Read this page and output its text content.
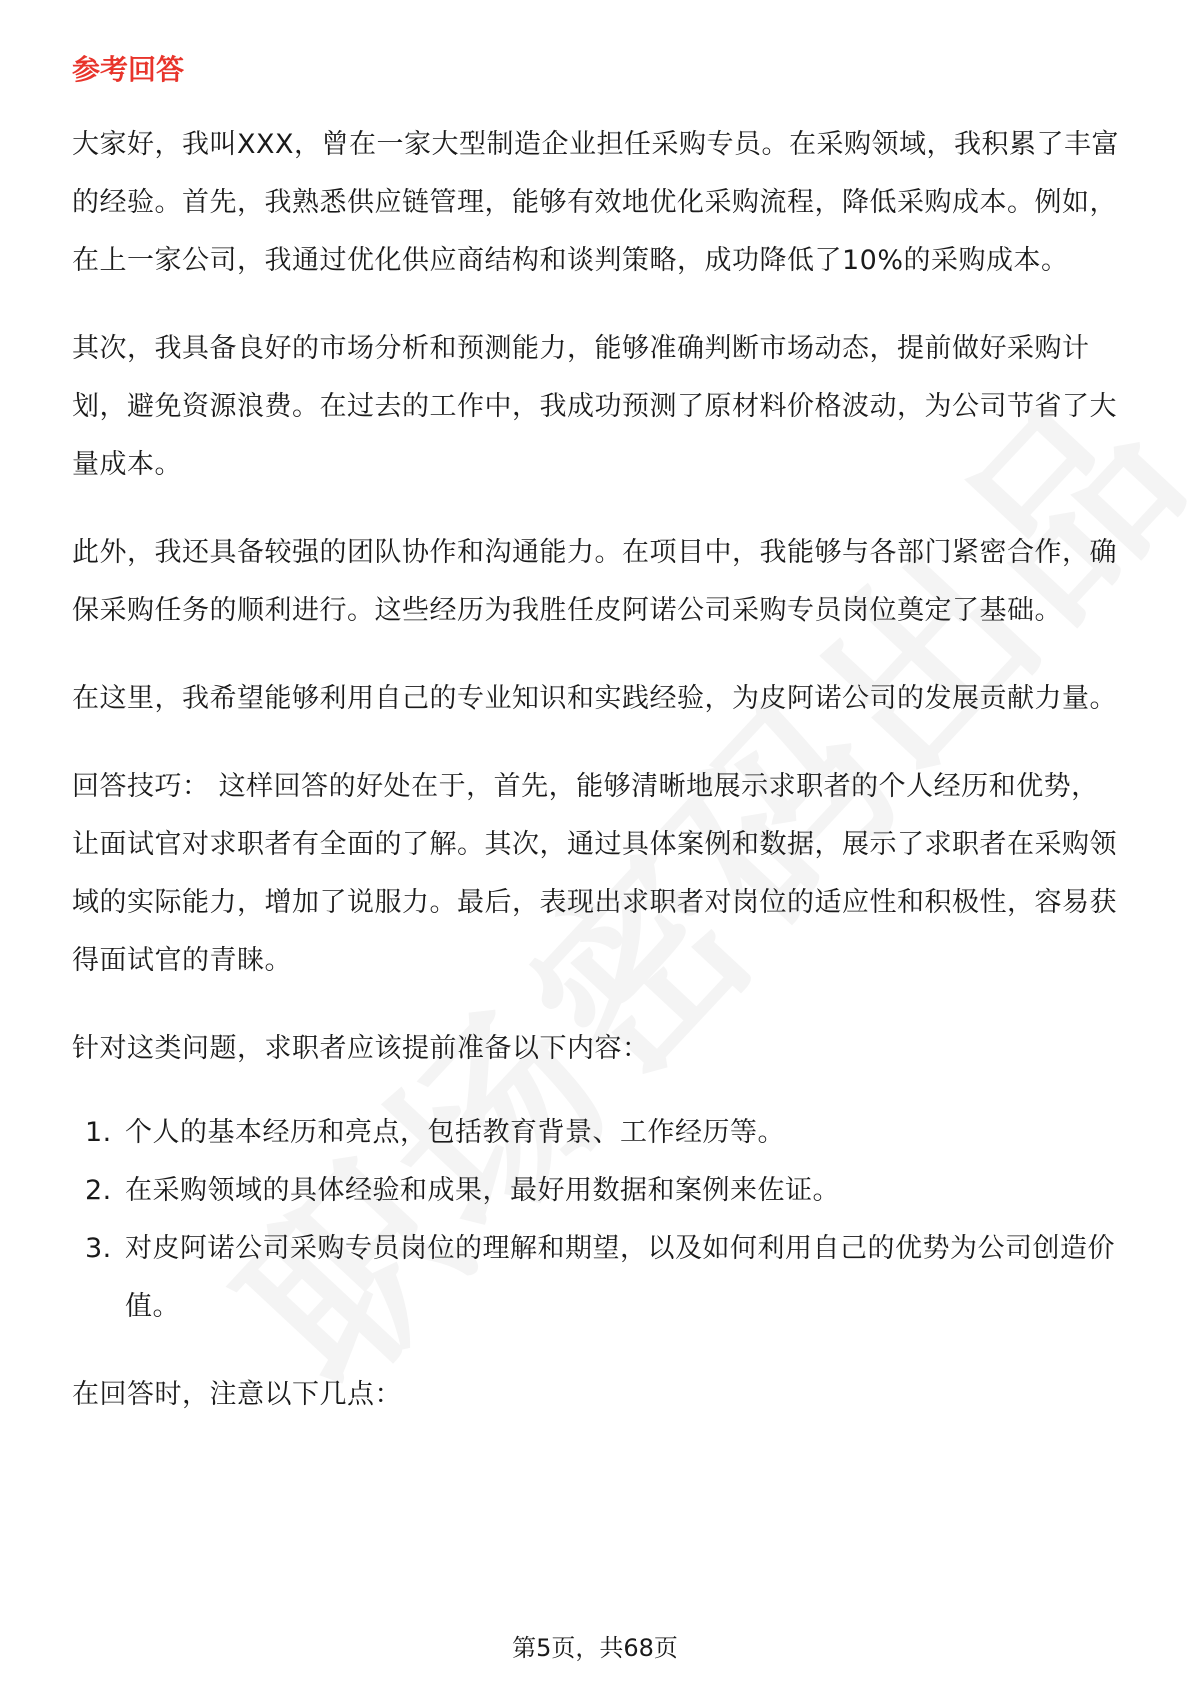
参考回答

大家好，我叫XXX，曾在一家大型制造企业担任采购专员。在采购领域，我积累了丰富的经验。首先，我熟悉供应链管理，能够有效地优化采购流程，降低采购成本。例如，在上一家公司，我通过优化供应商结构和谈判策略，成功降低了10%的采购成本。

其次，我具备良好的市场分析和预测能力，能够准确判断市场动态，提前做好采购计划，避免资源浪费。在过去的工作中，我成功预测了原材料价格波动，为公司节省了大量成本。

此外，我还具备较强的团队协作和沟通能力。在项目中，我能够与各部门紧密合作，确保采购任务的顺利进行。这些经历为我胜任皮阿诺公司采购专员岗位奠定了基础。

在这里，我希望能够利用自己的专业知识和实践经验，为皮阿诺公司的发展贡献力量。

回答技巧： 这样回答的好处在于，首先，能够清晰地展示求职者的个人经历和优势，让面试官对求职者有全面的了解。其次，通过具体案例和数据，展示了求职者在采购领域的实际能力，增加了说服力。最后，表现出求职者对岗位的适应性和积极性，容易获得面试官的青睐。

针对这类问题，求职者应该提前准备以下内容：

1. 个人的基本经历和亮点，包括教育背景、工作经历等。
2. 在采购领域的具体经验和成果，最好用数据和案例来佐证。
3. 对皮阿诺公司采购专员岗位的理解和期望，以及如何利用自己的优势为公司创造价值。

在回答时，注意以下几点：

第5页，共68页
